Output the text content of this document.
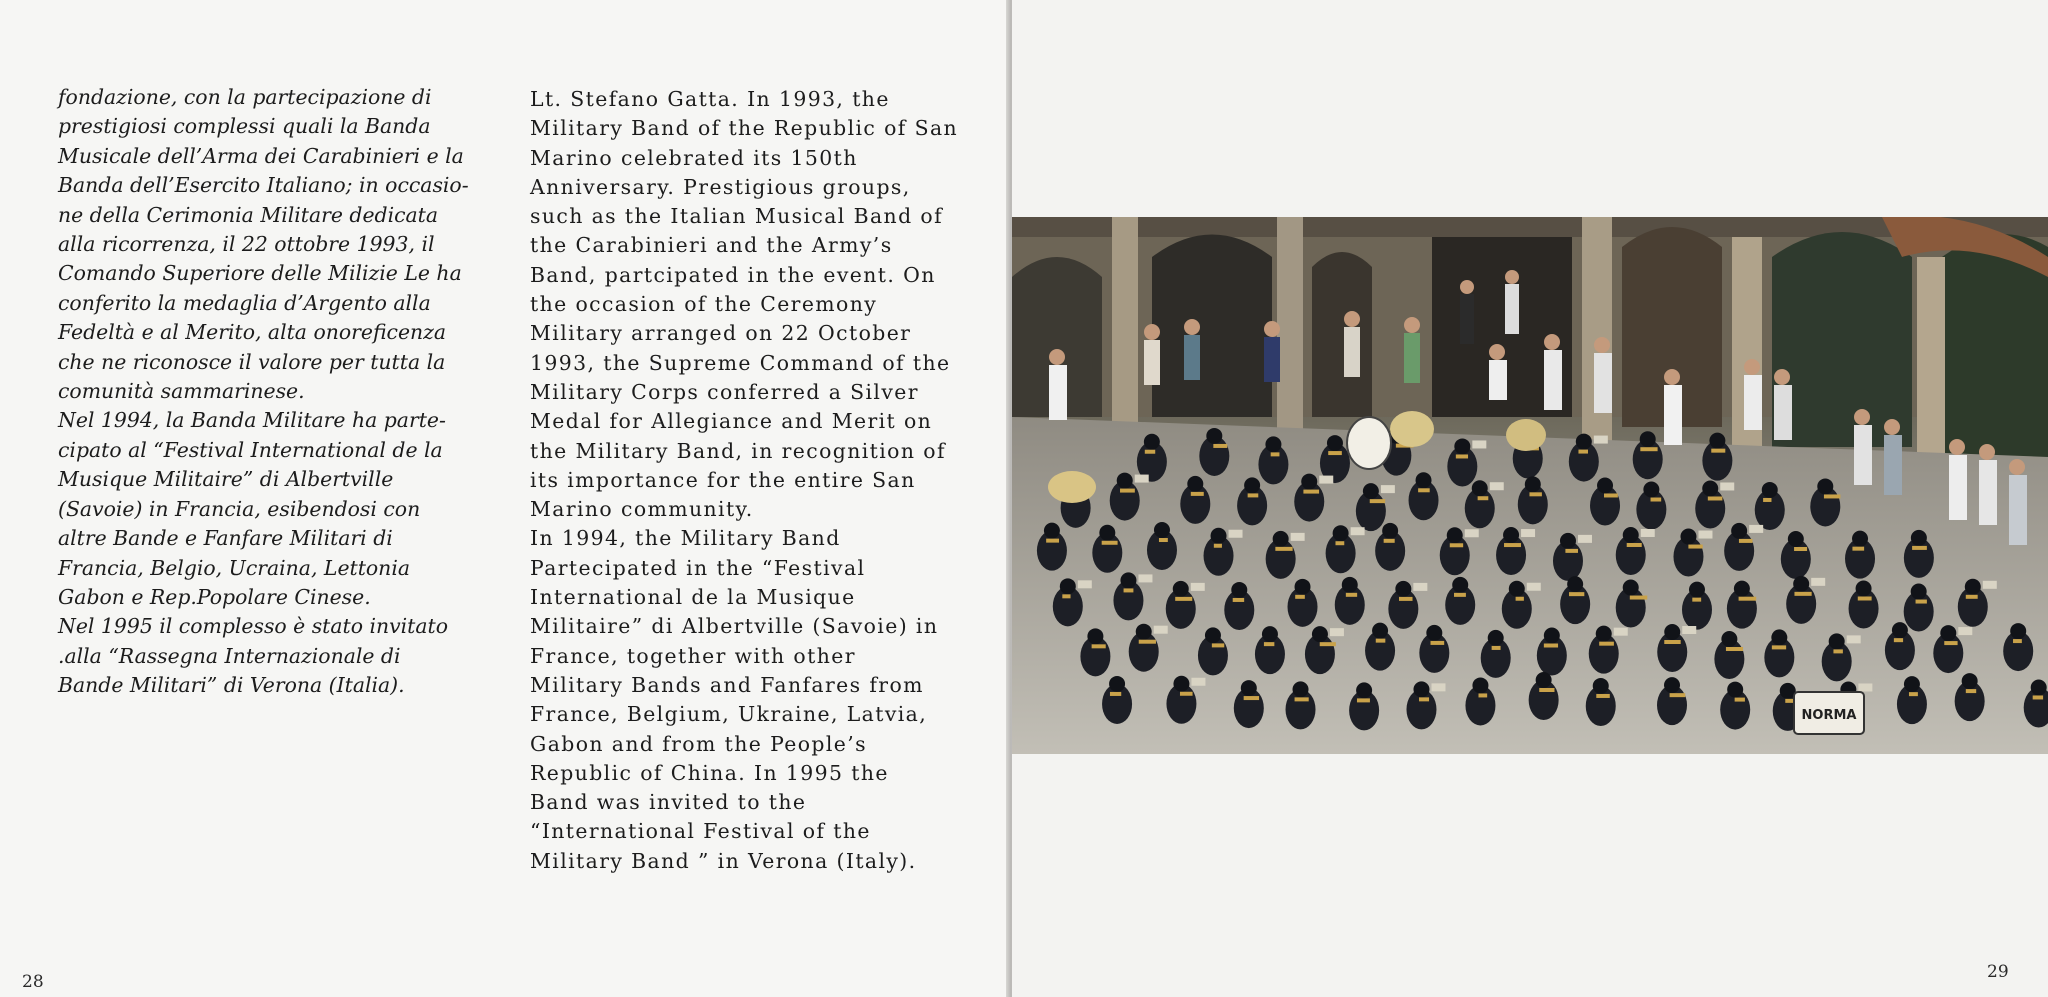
fondazione, con la partecipazione di
prestigiosi complessi quali la Banda
Musicale dell’Arma dei Carabinieri e la
Banda dell’Esercito Italiano; in occasio-
ne della Cerimonia Militare dedicata
alla ricorrenza, il 22 ottobre 1993, il
Comando Superiore delle Milizie Le ha
conferito la medaglia d’Argento alla
Fedeltà e al Merito, alta onoreficenza
che ne riconosce il valore per tutta la
comunità sammarinese.
Nel 1994, la Banda Militare ha parte-
cipato al “Festival International de la
Musique Militaire” di Albertville
(Savoie) in Francia, esibendosi con
altre Bande e Fanfare Militari di
Francia, Belgio, Ucraina, Lettonia
Gabon e Rep.Popolare Cinese.
Nel 1995 il complesso è stato invitato
.alla “Rassegna Internazionale di
Bande Militari” di Verona (Italia).
Lt. Stefano Gatta. In 1993, the
Military Band of the Republic of San
Marino celebrated its 150th
Anniversary. Prestigious groups,
such as the Italian Musical Band of
the Carabinieri and the Army’s
Band, partcipated in the event. On
the occasion of the Ceremony
Military arranged on 22 October
1993, the Supreme Command of the
Military Corps conferred a Silver
Medal for Allegiance and Merit on
the Military Band, in recognition of
its importance for the entire San
Marino community.
In 1994, the Military Band
Partecipated in the “Festival
International de la Musique
Militaire” di Albertville (Savoie) in
France, together with other
Military Bands and Fanfares from
France, Belgium, Ukraine, Latvia,
Gabon and from the People’s
Republic of China. In 1995 the
Band was invited to the
“International Festival of the
Military Band ” in Verona (Italy).
28	29
NORMA
